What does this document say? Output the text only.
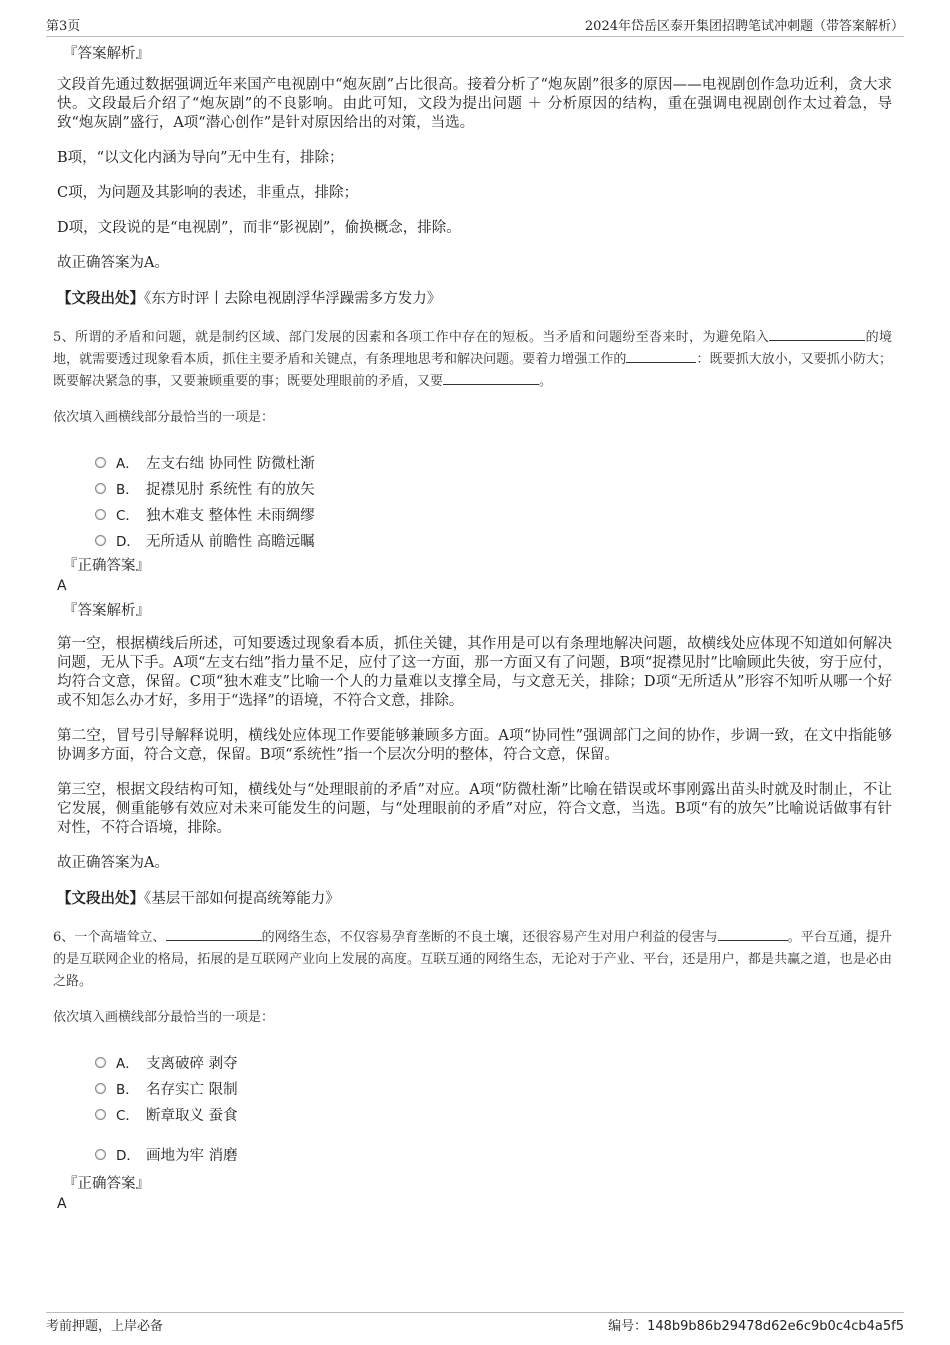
第3页	2024年岱岳区泰开集团招聘笔试冲刺题（带答案解析）
『答案解析』

文段首先通过数据强调近年来国产电视剧中“炮灰剧”占比很高。接着分析了“炮灰剧”很多的原因——电视剧创作急功近利，贪大求快。文段最后介绍了“炮灰剧”的不良影响。由此可知，文段为提出问题 ＋ 分析原因的结构，重在强调电视剧创作太过着急，导致“炮灰剧”盛行，A项“潜心创作”是针对原因给出的对策，当选。

B项，“以文化内涵为导向”无中生有，排除；

C项，为问题及其影响的表述，非重点，排除；

D项，文段说的是“电视剧”，而非“影视剧”，偷换概念，排除。

故正确答案为A。

【文段出处】《东方时评丨去除电视剧浮华浮躁需多方发力》

5、所谓的矛盾和问题，就是制约区域、部门发展的因素和各项工作中存在的短板。当矛盾和问题纷至沓来时，为避免陷入	的境地，就需要透过现象看本质，抓住主要矛盾和关键点，有条理地思考和解决问题。要着力增强工作的	：既要抓大放小，又要抓小防大；既要解决紧急的事，又要兼顾重要的事；既要处理眼前的矛盾，又要	。

依次填入画横线部分最恰当的一项是：

A． 左支右绌 协同性 防微杜渐
B． 捉襟见肘 系统性 有的放矢
C． 独木难支 整体性 未雨绸缪
D． 无所适从 前瞻性 高瞻远瞩
『正确答案』
A
『答案解析』

第一空，根据横线后所述，可知要透过现象看本质，抓住关键，其作用是可以有条理地解决问题，故横线处应体现不知道如何解决问题，无从下手。A项“左支右绌”指力量不足，应付了这一方面，那一方面又有了问题，B项“捉襟见肘”比喻顾此失彼，穷于应付，均符合文意，保留。C项“独木难支”比喻一个人的力量难以支撑全局，与文意无关，排除；D项“无所适从”形容不知听从哪一个好或不知怎么办才好，多用于“选择”的语境，不符合文意，排除。

第二空，冒号引导解释说明，横线处应体现工作要能够兼顾多方面。A项“协同性”强调部门之间的协作，步调一致，在文中指能够协调多方面，符合文意，保留。B项“系统性”指一个层次分明的整体，符合文意，保留。

第三空，根据文段结构可知，横线处与“处理眼前的矛盾”对应。A项“防微杜渐”比喻在错误或坏事刚露出苗头时就及时制止，不让它发展，侧重能够有效应对未来可能发生的问题，与“处理眼前的矛盾”对应，符合文意，当选。B项“有的放矢”比喻说话做事有针对性，不符合语境，排除。

故正确答案为A。

【文段出处】《基层干部如何提高统筹能力》

6、一个高墙耸立、	的网络生态，不仅容易孕育垄断的不良土壤，还很容易产生对用户利益的侵害与	。平台互通，提升的是互联网企业的格局，拓展的是互联网产业向上发展的高度。互联互通的网络生态，无论对于产业、平台，还是用户，都是共赢之道，也是必由之路。

依次填入画横线部分最恰当的一项是：

A． 支离破碎 剥夺
B． 名存实亡 限制
C． 断章取义 蚕食
D． 画地为牢 消磨
『正确答案』
A
考前押题，上岸必备	编号：148b9b86b29478d62e6c9b0c4cb4a5f5
